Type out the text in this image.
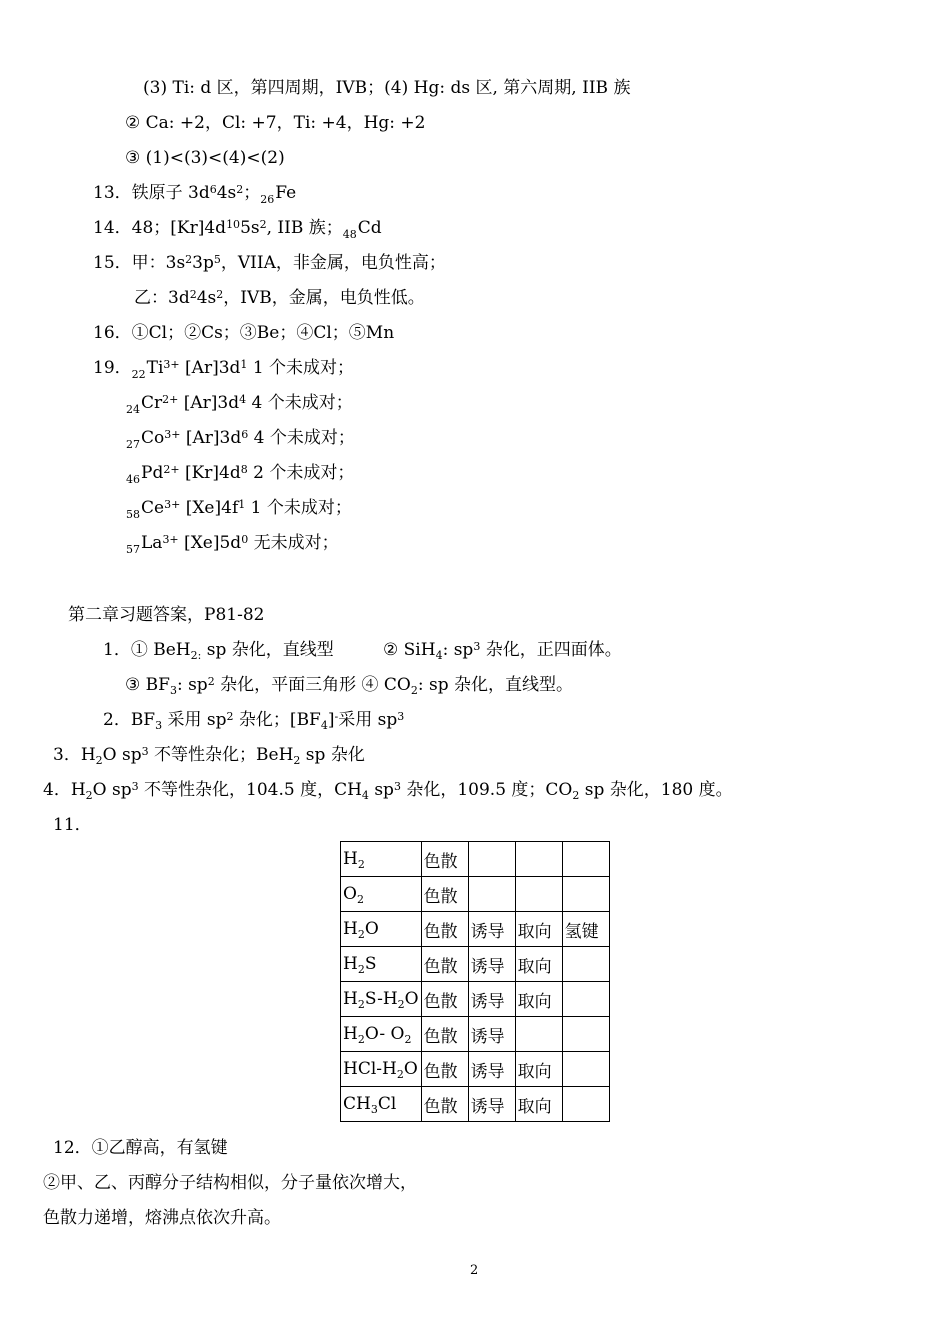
(3) Ti: d 区，第四周期，IVB；(4) Hg: ds 区, 第六周期, IIB 族
② Ca: +2，Cl: +7，Ti: +4，Hg: +2
③ (1)<(3)<(4)<(2)
13．铁原子 $3d^64s^2$；$_{26}$Fe
14．48；$[Kr]4d^{10}5s^2$, IIB 族；$_{48}$Cd
15．甲：$3s^23p^5$，VIIA，非金属，电负性高；
乙：$3d^24s^2$，IVB，金属，电负性低。
16．①Cl；②Cs；③Be；④Cl；⑤Mn
19．$_{22}Ti^{3+}$ $[Ar]3d^1$ 1 个未成对；
$_{24}Cr^{2+}$ $[Ar]3d^4$ 4 个未成对；
$_{27}Co^{3+}$ $[Ar]3d^6$ 4 个未成对；
$_{46}Pd^{2+}$ $[Kr]4d^8$ 2 个未成对；
$_{58}Ce^{3+}$ $[Xe]4f^1$ 1 个未成对；
$_{57}La^{3+}$ $[Xe]5d^0$ 无未成对；
第二章习题答案，P81-82
1．① BeH$_{2:}$ sp 杂化，直线型	② SiH$_4$: $sp^3$ 杂化，正四面体。
③ $BF_3$: $sp^2$ 杂化，平面三角形 ④ $CO_2$: sp 杂化，直线型。
2．$BF_3$ 采用 $sp^2$ 杂化；$[BF_4]^-$采用 $sp^3$
3．$H_2O$ $sp^3$ 不等性杂化；BeH$_2$ sp 杂化
4．$H_2O$ $sp^3$ 不等性杂化，104.5 度，$CH_4$ $sp^3$ 杂化，109.5 度；$CO_2$ sp 杂化，180 度。
11．
$H_2$	色散			
$O_2$	色散			
$H_2O$	色散	诱导	取向	氢键
$H_2S$	色散	诱导	取向	
$H_2S-H_2O$	色散	诱导	取向	
$H_2O-$ $O_2$	色散	诱导		
HCl-$H_2O$	色散	诱导	取向	
$CH_3Cl$	色散	诱导	取向	
12．①乙醇高，有氢键
②甲、乙、丙醇分子结构相似，分子量依次增大，
色散力递增，熔沸点依次升高。
2
